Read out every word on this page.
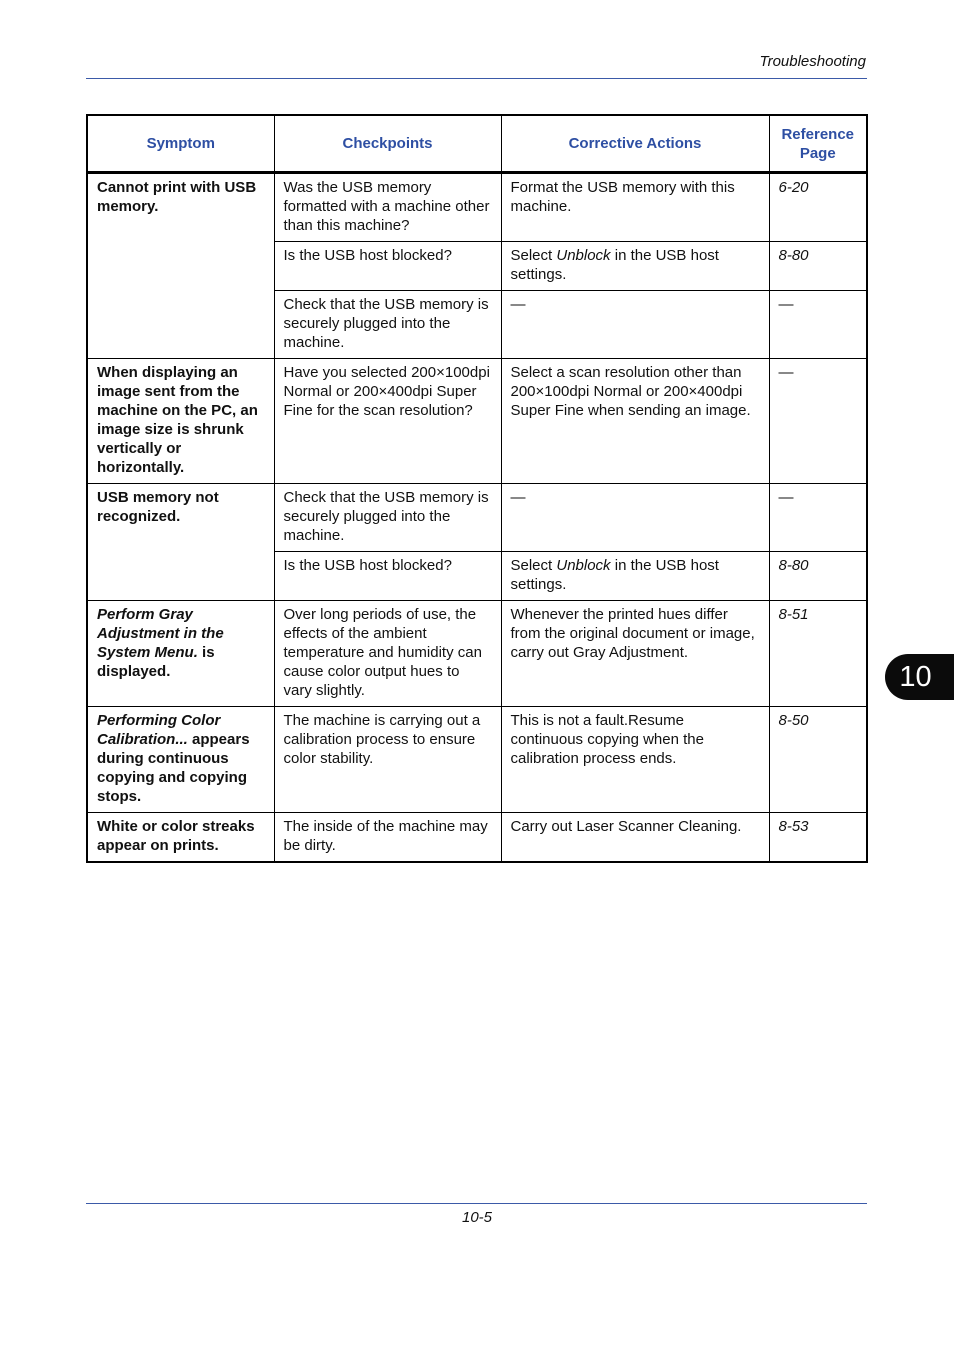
Troubleshooting
Symptom	Checkpoints	Corrective Actions	Reference Page
Cannot print with USB memory.	Was the USB memory formatted with a machine other than this machine?	Format the USB memory with this machine.	6-20
	Is the USB host blocked?	Select Unblock in the USB host settings.	8-80
	Check that the USB memory is securely plugged into the machine.	—	—
When displaying an image sent from the machine on the PC, an image size is shrunk vertically or horizontally.	Have you selected 200×100dpi Normal or 200×400dpi Super Fine for the scan resolution?	Select a scan resolution other than 200×100dpi Normal or 200×400dpi Super Fine when sending an image.	—
USB memory not recognized.	Check that the USB memory is securely plugged into the machine.	—	—
	Is the USB host blocked?	Select Unblock in the USB host settings.	8-80
Perform Gray Adjustment in the System Menu. is displayed.	Over long periods of use, the effects of the ambient temperature and humidity can cause color output hues to vary slightly.	Whenever the printed hues differ from the original document or image, carry out Gray Adjustment.	8-51
Performing Color Calibration... appears during continuous copying and copying stops.	The machine is carrying out a calibration process to ensure color stability.	This is not a fault.Resume continuous copying when the calibration process ends.	8-50
White or color streaks appear on prints.	The inside of the machine may be dirty.	Carry out Laser Scanner Cleaning.	8-53
10
10-5
